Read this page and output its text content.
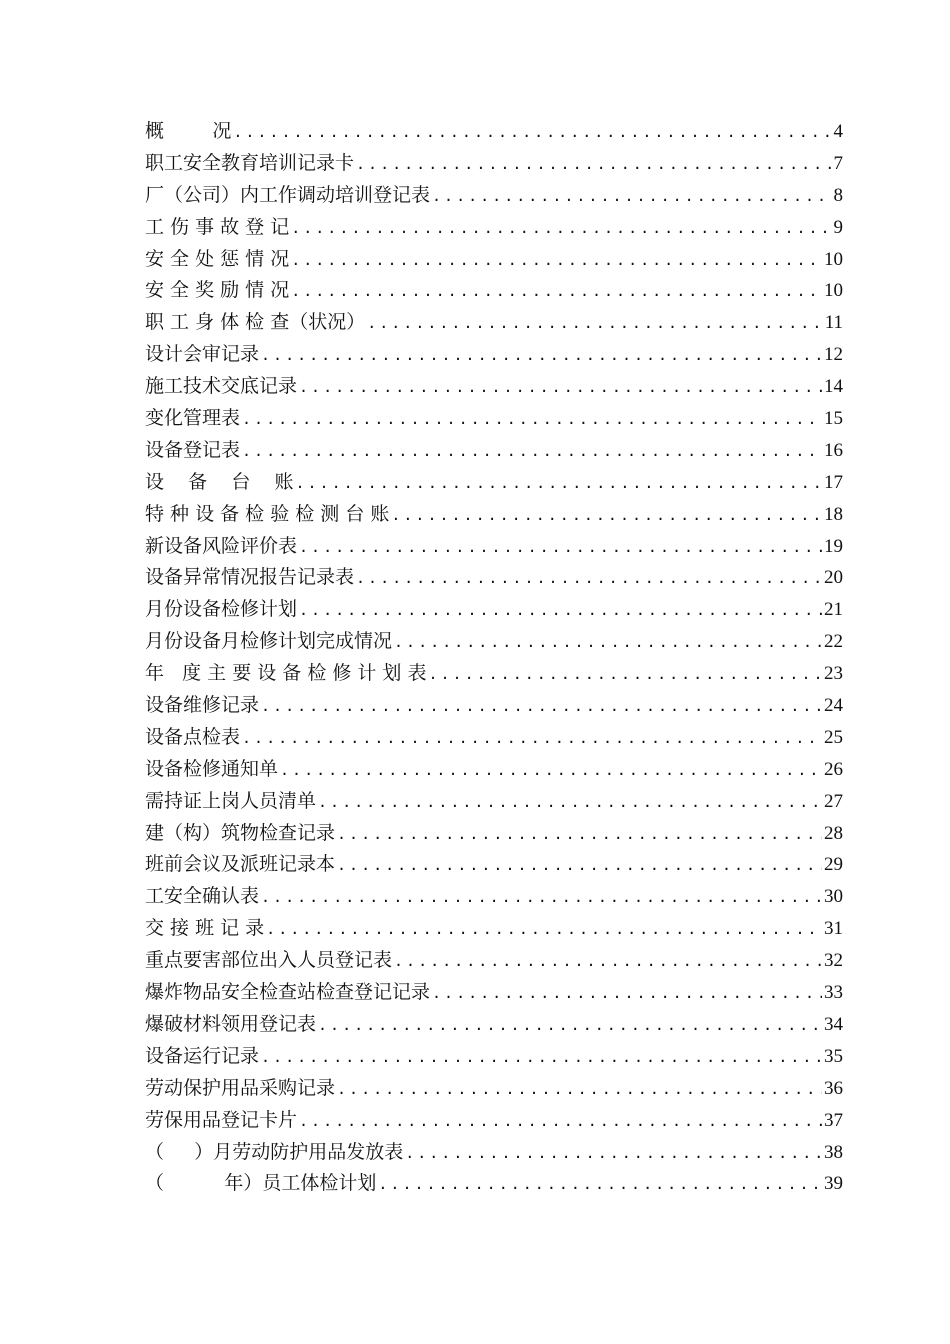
概        况 .....	4
职工安全教育培训记录卡 .....	7
厂（公司）内工作调动培训登记表 .....	8
工 伤 事 故 登 记 .....	9
安 全 处 惩 情 况 .....	10
安 全 奖 励 情 况 .....	10
职 工 身 体 检 查（状况） .....	11
设计会审记录 .....	12
施工技术交底记录 .....	14
变化管理表 .....	15
设备登记表 .....	16
设    备    台    账 .....	17
特 种 设 备 检 验 检 测 台 账 .....	18
新设备风险评价表 .....	19
设备异常情况报告记录表 .....	20
月份设备检修计划 .....	21
月份设备月检修计划完成情况 .....	22
年   度 主 要 设 备 检 修 计 划 表 .....	23
设备维修记录 .....	24
设备点检表 .....	25
设备检修通知单 .....	26
需持证上岗人员清单 .....	27
建（构）筑物检查记录 .....	28
班前会议及派班记录本 .....	29
工安全确认表 .....	30
交 接 班 记 录 .....	31
重点要害部位出入人员登记表 .....	32
爆炸物品安全检查站检查登记记录 .....	33
爆破材料领用登记表 .....	34
设备运行记录 .....	35
劳动保护用品采购记录 .....	36
劳保用品登记卡片 .....	37
（     ）月劳动防护用品发放表 .....	38
（          年）员工体检计划 .....	39
